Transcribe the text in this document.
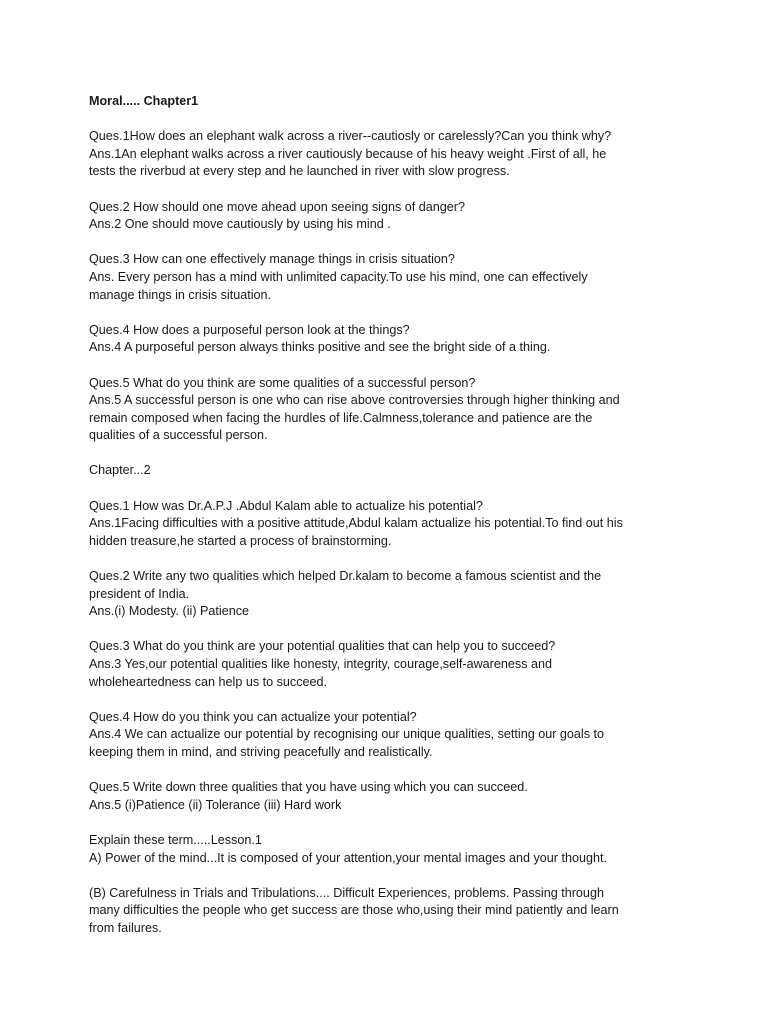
Moral..... Chapter1
Ques.1How does an elephant walk across a river--cautiosly or carelessly?Can you think why?
Ans.1An elephant walks across a river cautiously because of his heavy weight .First of all, he
tests the riverbud at every step and he launched in river with slow progress.
Ques.2 How should one move ahead upon seeing signs of danger?
Ans.2 One should move cautiously by using his mind .
Ques.3 How can one effectively manage things in crisis situation?
Ans. Every person has a mind with unlimited capacity.To use his mind, one can effectively
manage things in crisis situation.
Ques.4 How does a purposeful person look at the things?
Ans.4 A purposeful person always thinks positive and see the bright side of a thing.
Ques.5 What do you think are some qualities of a successful person?
Ans.5 A successful person is one who can rise above controversies through higher thinking and
remain composed when facing the hurdles of life.Calmness,tolerance and patience are the
qualities of a successful person.
Chapter...2
Ques.1 How was Dr.A.P.J .Abdul Kalam able to actualize his potential?
Ans.1Facing difficulties with a positive attitude,Abdul kalam actualize his potential.To find out his
hidden treasure,he started a process of brainstorming.
Ques.2 Write any two qualities which helped Dr.kalam to become a famous scientist and the
president of India.
Ans.(i) Modesty. (ii) Patience
Ques.3 What do you think are your potential qualities that can help you to succeed?
Ans.3 Yes,our potential qualities like honesty, integrity, courage,self-awareness and
wholeheartedness can help us to succeed.
Ques.4 How do you think you can actualize your potential?
Ans.4 We can actualize our potential by recognising our unique qualities, setting our goals to
keeping them in mind, and striving peacefully and realistically.
Ques.5 Write down three qualities that you have using which you can succeed.
Ans.5 (i)Patience (ii) Tolerance (iii) Hard work
Explain these term.....Lesson.1
A) Power of the mind...It is composed of your attention,your mental images and your thought.
(B) Carefulness in Trials and Tribulations.... Difficult Experiences, problems. Passing through
many difficulties the people who get success are those who,using their mind patiently and learn
from failures.
